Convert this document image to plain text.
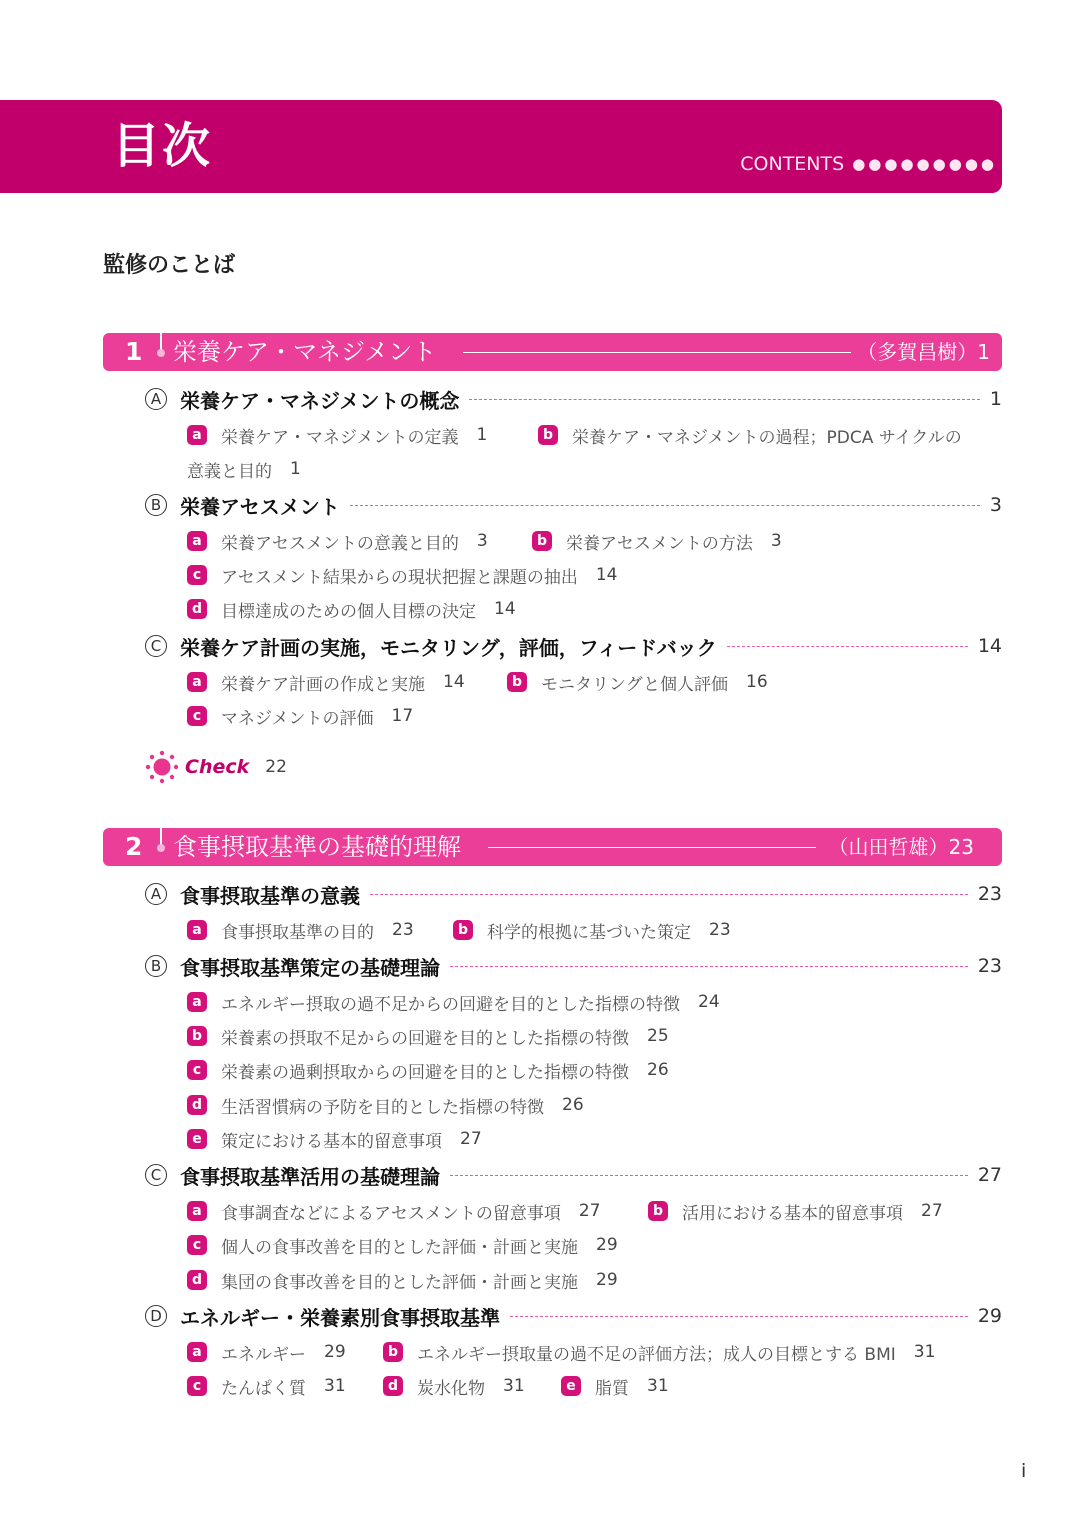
目次	CONTENTS ●●●●●●●●●
監修のことば
1 栄養ケア・マネジメント	（多賀昌樹）1
A 栄養ケア・マネジメントの概念	1
a	栄養ケア・マネジメントの定義 1	b 栄養ケア・マネジメントの過程；PDCA サイクルの
意義と目的 1
B 栄養アセスメント	3
a	栄養アセスメントの意義と目的 3	b 栄養アセスメントの方法 3
c	アセスメント結果からの現状把握と課題の抽出 14
d 目標達成のための個人目標の決定 14
C 栄養ケア計画の実施，モニタリング，評価，フィードバック	14
a	栄養ケア計画の作成と実施 14	b モニタリングと個人評価 16
c	マネジメントの評価 17
Check 22
2 食事摂取基準の基礎的理解	（山田哲雄）23
A 食事摂取基準の意義	23
a	食事摂取基準の目的 23	b 科学的根拠に基づいた策定 23
B 食事摂取基準策定の基礎理論	23
a	エネルギー摂取の過不足からの回避を目的とした指標の特徴 24
b 栄養素の摂取不足からの回避を目的とした指標の特徴 25
c	栄養素の過剰摂取からの回避を目的とした指標の特徴 26
d 生活習慣病の予防を目的とした指標の特徴 26
e	策定における基本的留意事項 27
C 食事摂取基準活用の基礎理論	27
a	食事調査などによるアセスメントの留意事項 27	b 活用における基本的留意事項 27
c	個人の食事改善を目的とした評価・計画と実施 29
d 集団の食事改善を目的とした評価・計画と実施 29
D エネルギー・栄養素別食事摂取基準	29
a	エネルギー 29	b エネルギー摂取量の過不足の評価方法；成人の目標とする BMI 31
c	たんぱく質 31	d 炭水化物 31	e	脂質 31
i
